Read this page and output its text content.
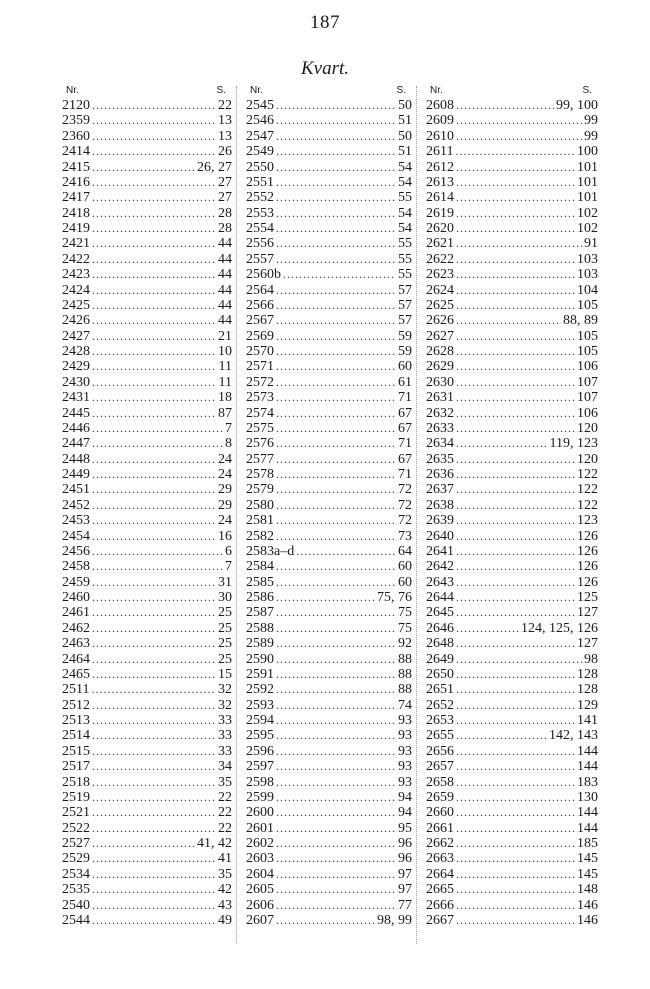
187
Kvart.
Nr.	S.
2120 .....	22
2359 .....	13
2360 .....	13
2414 .....	26
2415 .....	26, 27
2416 .....	27
2417 .....	27
2418 .....	28
2419 .....	28
2421 .....	44
2422 .....	44
2423 .....	44
2424 .....	44
2425 .....	44
2426 .....	44
2427 .....	21
2428 .....	10
2429 .....	11
2430 .....	11
2431 .....	18
2445 .....	87
2446 .....	7
2447 .....	8
2448 .....	24
2449 .....	24
2451 .....	29
2452 .....	29
2453 .....	24
2454 .....	16
2456 .....	6
2458 .....	7
2459 .....	31
2460 .....	30
2461 .....	25
2462 .....	25
2463 .....	25
2464 .....	25
2465 .....	15
2511 .....	32
2512 .....	32
2513 .....	33
2514 .....	33
2515 .....	33
2517 .....	34
2518 .....	35
2519 .....	22
2521 .....	22
2522 .....	22
2527 .....	41, 42
2529 .....	41
2534 .....	35
2535 .....	42
2540 .....	43
2544 .....	49
Nr.	S.
2545 .....	50
2546 .....	51
2547 .....	50
2549 .....	51
2550 .....	54
2551 .....	54
2552 .....	55
2553 .....	54
2554 .....	54
2556 .....	55
2557 .....	55
2560b .....	55
2564 .....	57
2566 .....	57
2567 .....	57
2569 .....	59
2570 .....	59
2571 .....	60
2572 .....	61
2573 .....	71
2574 .....	67
2575 .....	67
2576 .....	71
2577 .....	67
2578 .....	71
2579 .....	72
2580 .....	72
2581 .....	72
2582 .....	73
2583a–d .....	64
2584 .....	60
2585 .....	60
2586 .....	75, 76
2587 .....	75
2588 .....	75
2589 .....	92
2590 .....	88
2591 .....	88
2592 .....	88
2593 .....	74
2594 .....	93
2595 .....	93
2596 .....	93
2597 .....	93
2598 .....	93
2599 .....	94
2600 .....	94
2601 .....	95
2602 .....	96
2603 .....	96
2604 .....	97
2605 .....	97
2606 .....	77
2607 .....	98, 99
Nr.	S.
2608 .....	99, 100
2609 .....	99
2610 .....	99
2611 .....	100
2612 .....	101
2613 .....	101
2614 .....	101
2619 .....	102
2620 .....	102
2621 .....	91
2622 .....	103
2623 .....	103
2624 .....	104
2625 .....	105
2626 .....	88, 89
2627 .....	105
2628 .....	105
2629 .....	106
2630 .....	107
2631 .....	107
2632 .....	106
2633 .....	120
2634 .....	119, 123
2635 .....	120
2636 .....	122
2637 .....	122
2638 .....	122
2639 .....	123
2640 .....	126
2641 .....	126
2642 .....	126
2643 .....	126
2644 .....	125
2645 .....	127
2646 .....	124, 125, 126
2648 .....	127
2649 .....	98
2650 .....	128
2651 .....	128
2652 .....	129
2653 .....	141
2655 .....	142, 143
2656 .....	144
2657 .....	144
2658 .....	183
2659 .....	130
2660 .....	144
2661 .....	144
2662 .....	185
2663 .....	145
2664 .....	145
2665 .....	148
2666 .....	146
2667 .....	146
